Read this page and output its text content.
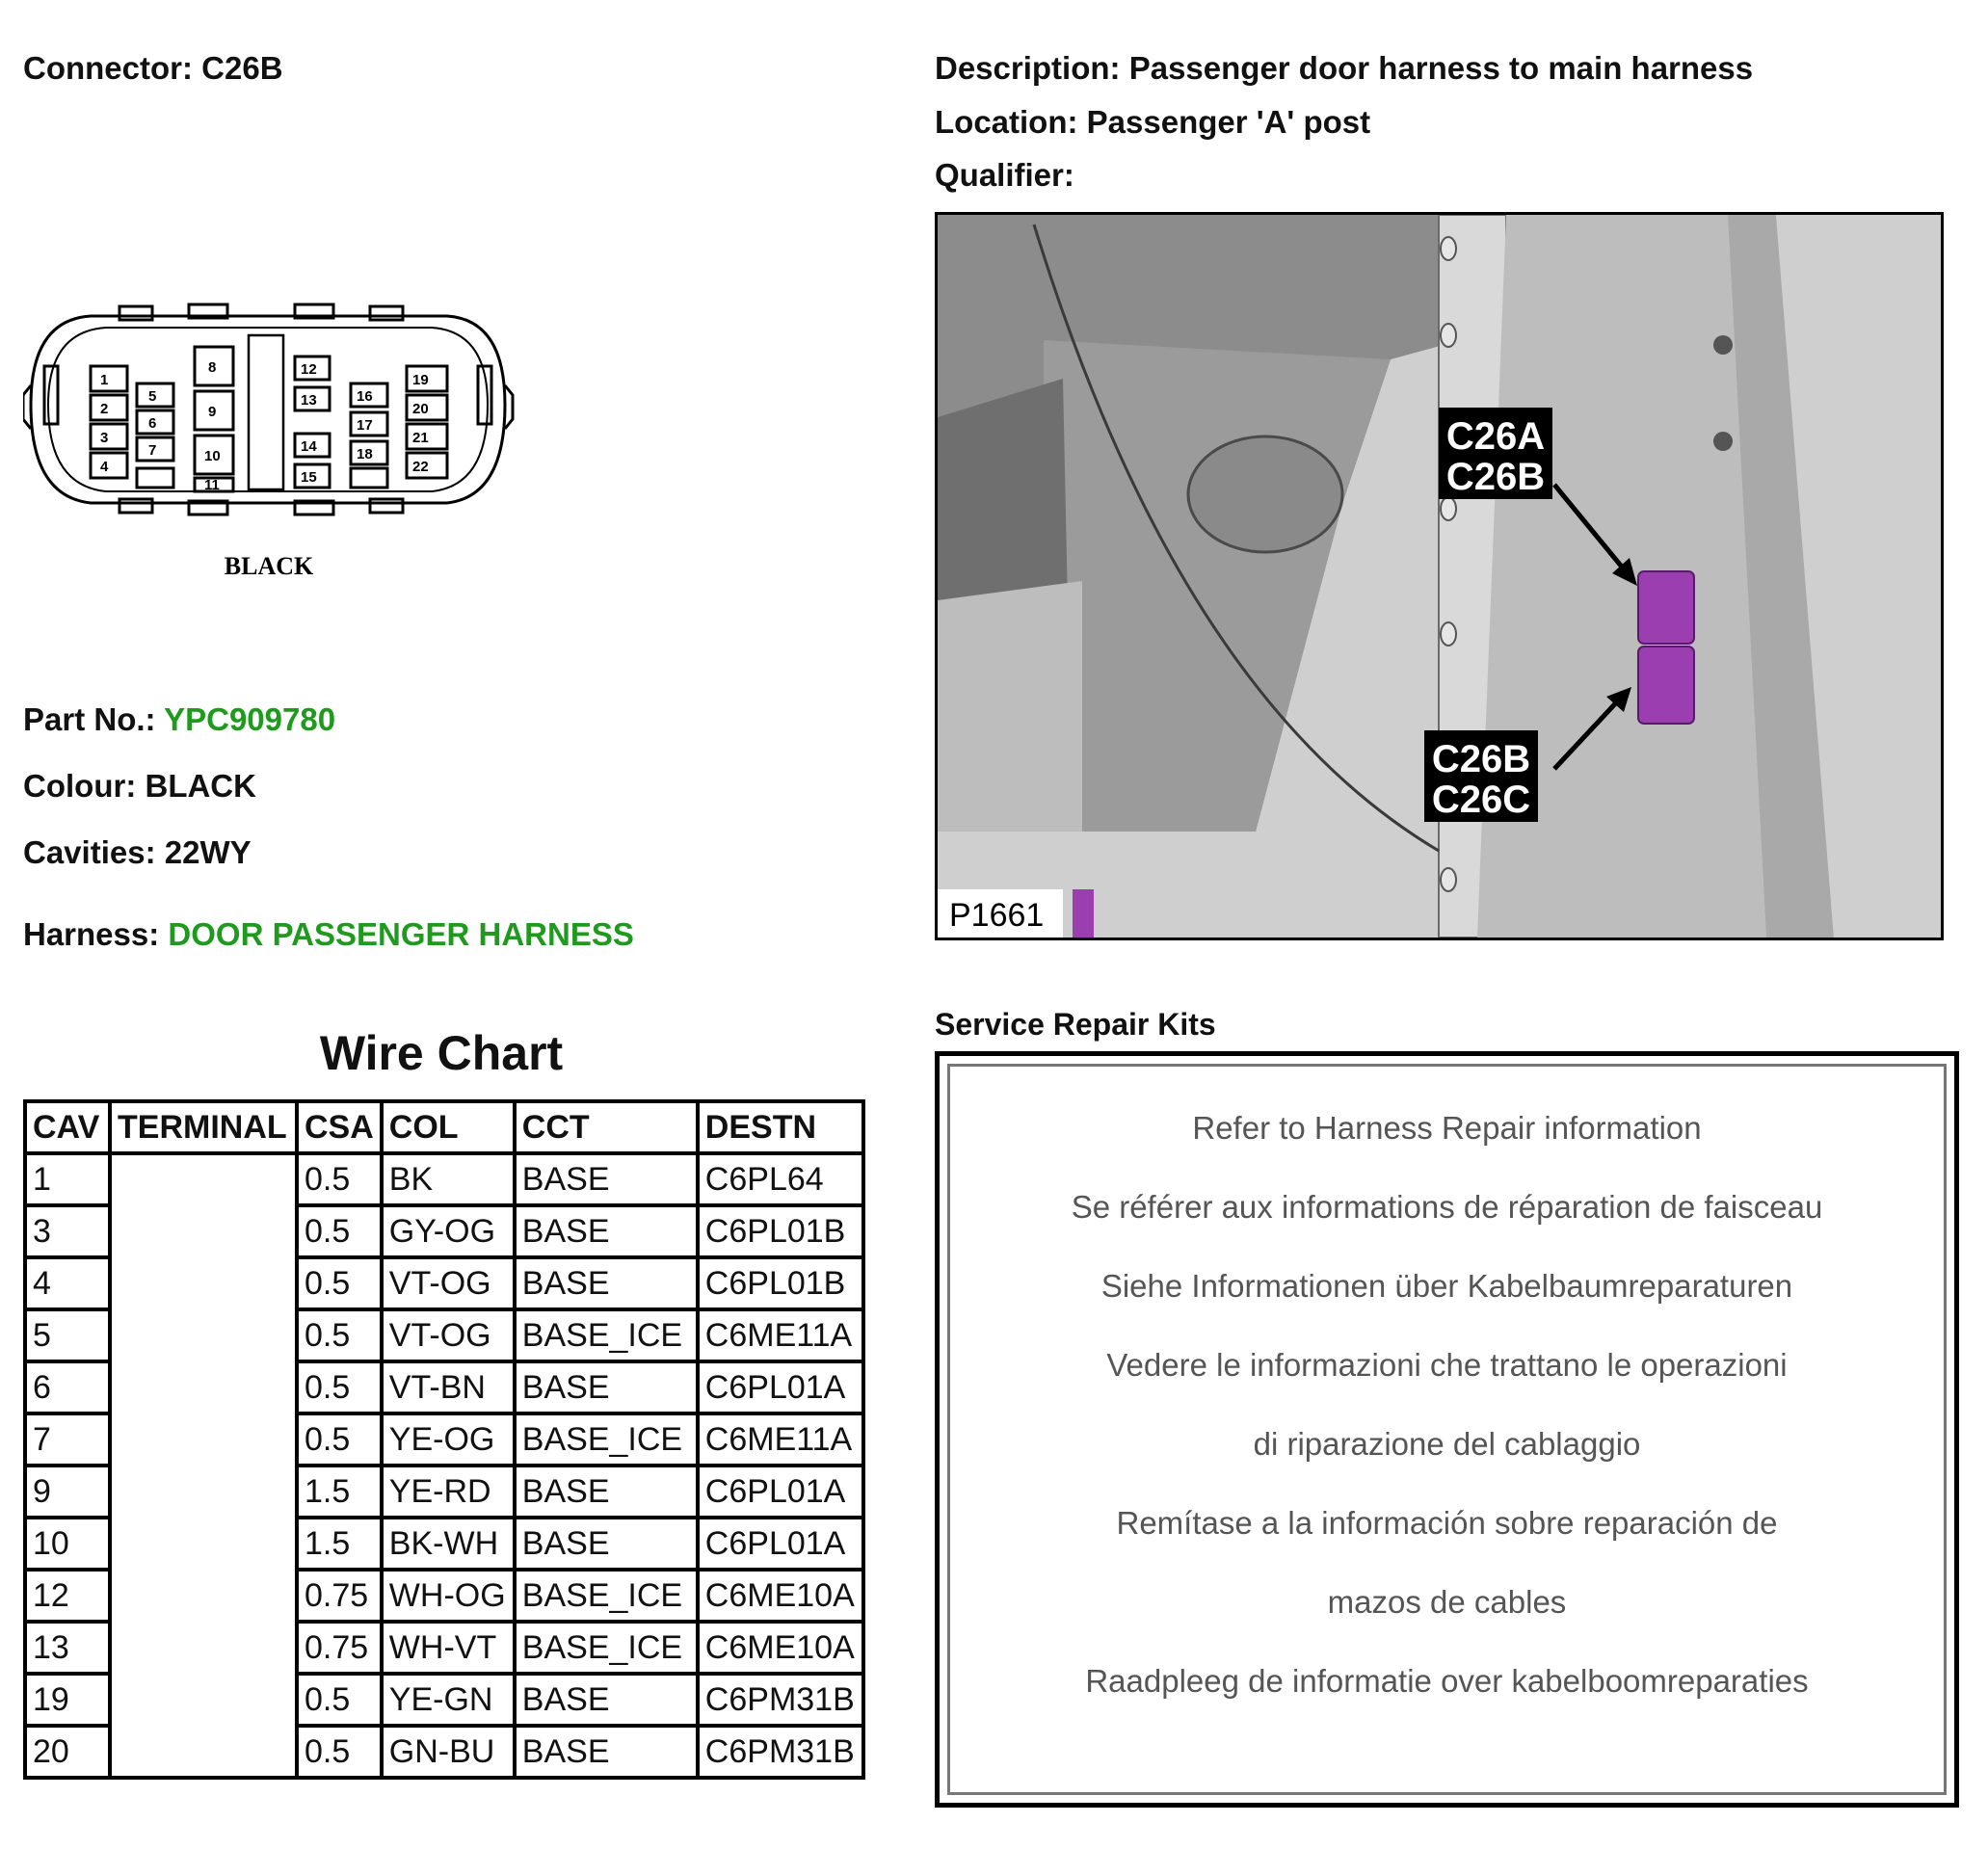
Connector: C26B	Description: Passenger door harness to main harness
Location: Passenger 'A' post
Qualifier:
1
2
3
4
5
6
7
8
9
10
11
12
13
14
15
16
17
18
19
20
21
22
BLACK
Part No.: YPC909780
Colour: BLACK
Cavities: 22WY
Harness: DOOR PASSENGER HARNESS
C26A
C26B
C26B
C26C
P1661
Wire Chart
CAV	TERMINAL	CSA	COL	CCT	DESTN
1		0.5	BK	BASE	C6PL64
3		0.5	GY-OG	BASE	C6PL01B
4		0.5	VT-OG	BASE	C6PL01B
5		0.5	VT-OG	BASE_ICE	C6ME11A
6		0.5	VT-BN	BASE	C6PL01A
7		0.5	YE-OG	BASE_ICE	C6ME11A
9		1.5	YE-RD	BASE	C6PL01A
10		1.5	BK-WH	BASE	C6PL01A
12		0.75	WH-OG	BASE_ICE	C6ME10A
13		0.75	WH-VT	BASE_ICE	C6ME10A
19		0.5	YE-GN	BASE	C6PM31B
20		0.5	GN-BU	BASE	C6PM31B
Service Repair Kits
Refer to Harness Repair information
Se référer aux informations de réparation de faisceau
Siehe Informationen über Kabelbaumreparaturen
Vedere le informazioni che trattano le operazioni
di riparazione del cablaggio
Remítase a la información sobre reparación de
mazos de cables
Raadpleeg de informatie over kabelboomreparaties
